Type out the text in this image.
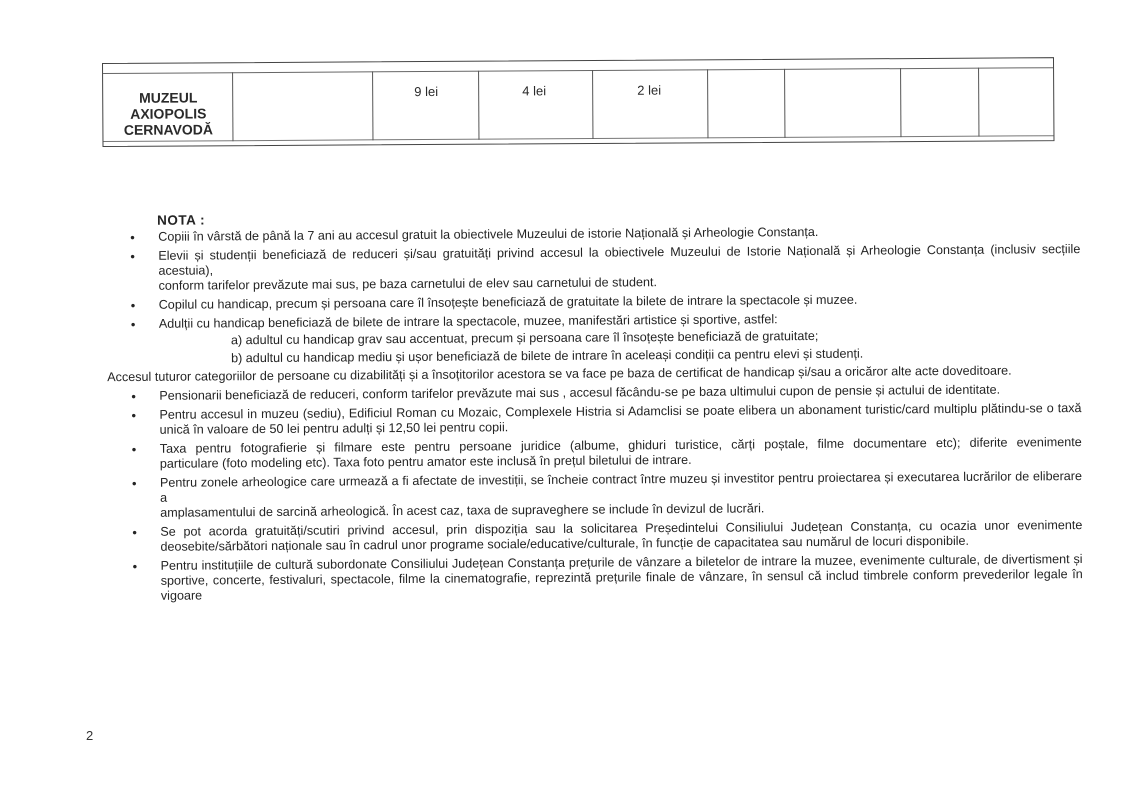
MUZEUL
AXIOPOLIS
CERNAVODĂ
9 lei	4 lei	2 lei
NOTA :
• Copiii în vârstă de până la 7 ani au accesul gratuit la obiectivele Muzeului de istorie Națională și Arheologie Constanța.
• Elevii și studenții beneficiază de reduceri și/sau gratuități privind accesul la obiectivele Muzeului de Istorie Națională și Arheologie Constanța (inclusiv secțiile acestuia),
conform tarifelor prevăzute mai sus, pe baza carnetului de elev sau carnetului de student.
• Copilul cu handicap, precum și persoana care îl însoțește beneficiază de gratuitate la bilete de intrare la spectacole și muzee.
• Adulții cu handicap beneficiază de bilete de intrare la spectacole, muzee, manifestări artistice și sportive, astfel:
a) adultul cu handicap grav sau accentuat, precum și persoana care îl însoțește beneficiază de gratuitate;
b) adultul cu handicap mediu și ușor beneficiază de bilete de intrare în aceleași condiții ca pentru elevi și studenți.
Accesul tuturor categoriilor de persoane cu dizabilități și a însoțitorilor acestora se va face pe baza de certificat de handicap și/sau a oricăror alte acte doveditoare.
• Pensionarii beneficiază de reduceri, conform tarifelor prevăzute mai sus , accesul făcându-se pe baza ultimului cupon de pensie și actului de identitate.
• Pentru accesul in muzeu (sediu), Edificiul Roman cu Mozaic, Complexele Histria si Adamclisi se poate elibera un abonament turistic/card multiplu plătindu-se o taxă
unică în valoare de 50 lei pentru adulți și 12,50 lei pentru copii.
• Taxa pentru fotografierie și filmare este pentru persoane juridice (albume, ghiduri turistice, cărți poștale, filme documentare etc); diferite evenimente
particulare (foto modeling etc). Taxa foto pentru amator este inclusă în prețul biletului de intrare.
• Pentru zonele arheologice care urmează a fi afectate de investiții, se încheie contract între muzeu și investitor pentru proiectarea și executarea lucrărilor de eliberare a
amplasamentului de sarcină arheologică. În acest caz, taxa de supraveghere se include în devizul de lucrări.
• Se pot acorda gratuități/scutiri privind accesul, prin dispoziția sau la solicitarea Președintelui Consiliului Județean Constanța, cu ocazia unor evenimente
deosebite/sărbători naționale sau în cadrul unor programe sociale/educative/culturale, în funcție de capacitatea sau numărul de locuri disponibile.
• Pentru instituțiile de cultură subordonate Consiliului Județean Constanța prețurile de vânzare a biletelor de intrare la muzee, evenimente culturale, de divertisment și
sportive, concerte, festivaluri, spectacole, filme la cinematografie, reprezintă prețurile finale de vânzare, în sensul că includ timbrele conform prevederilor legale în
vigoare
2
